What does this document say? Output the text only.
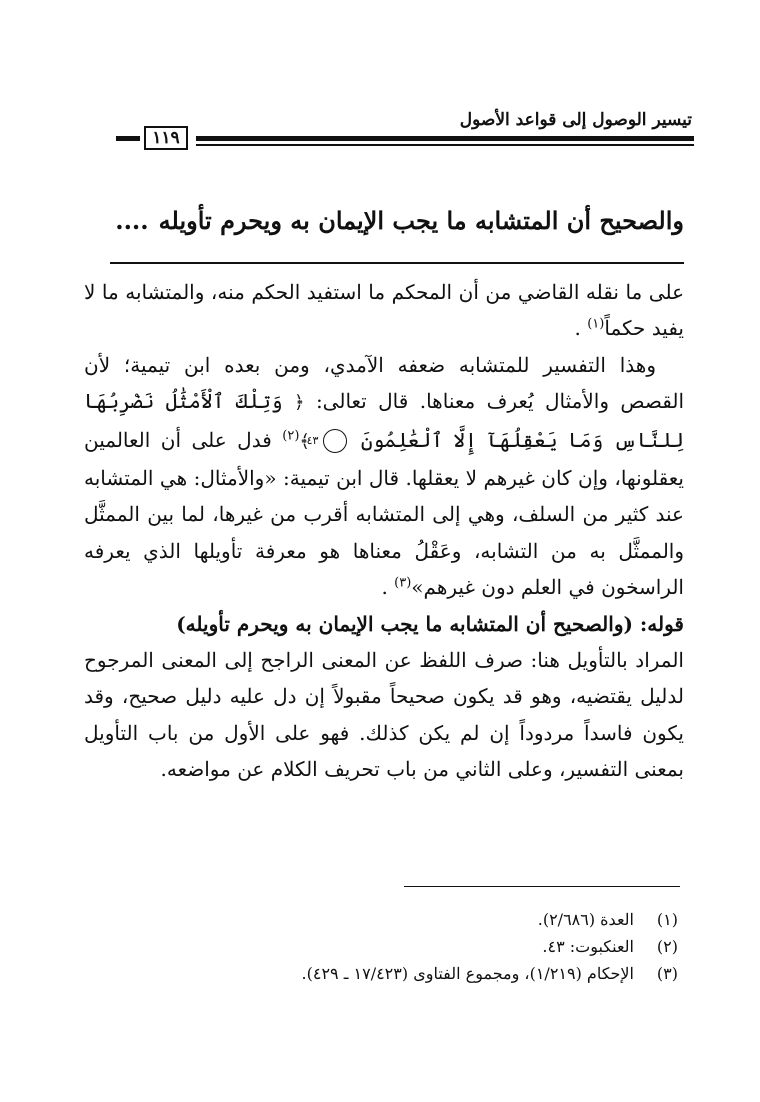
تيسير الوصول إلى قواعد الأصول
١١٩
والصحيح أن المتشابه ما يجب الإيمان به ويحرم تأويله....

على ما نقله القاضي من أن المحكم ما استفيد الحكم منه، والمتشابه ما لا يفيد حكماً$^{(١)}$ .

وهذا التفسير للمتشابه ضعفه الآمدي، ومن بعده ابن تيمية؛ لأن القصص والأمثال يُعرف معناها. قال تعالى: ﴿ وَتِلْكَ ٱلْأَمْثَٰلُ نَضْرِبُهَا لِلنَّاسِ وَمَا يَعْقِلُهَآ إِلَّا ٱلْعَٰلِمُونَ ٤٣ ﴾$^{(٢)}$ فدل على أن العالمين يعقلونها، وإن كان غيرهم لا يعقلها. قال ابن تيمية: «والأمثال: هي المتشابه عند كثير من السلف، وهي إلى المتشابه أقرب من غيرها، لما بين الممثَّل والممثَّل به من التشابه، وعَقْلُ معناها هو معرفة تأويلها الذي يعرفه الراسخون في العلم دون غيرهم»$^{(٣)}$ .

قوله: (والصحيح أن المتشابه ما يجب الإيمان به ويحرم تأويله)

المراد بالتأويل هنا: صرف اللفظ عن المعنى الراجح إلى المعنى المرجوح لدليل يقتضيه، وهو قد يكون صحيحاً مقبولاً إن دل عليه دليل صحيح، وقد يكون فاسداً مردوداً إن لم يكن كذلك. فهو على الأول من باب التأويل بمعنى التفسير، وعلى الثاني من باب تحريف الكلام عن مواضعه.

(١)العدة (٢/٦٨٦).
(٢)العنكبوت: ٤٣.
(٣)الإحكام (١/٢١٩)، ومجموع الفتاوى (١٧/٤٢٣ ـ ٤٢٩).
